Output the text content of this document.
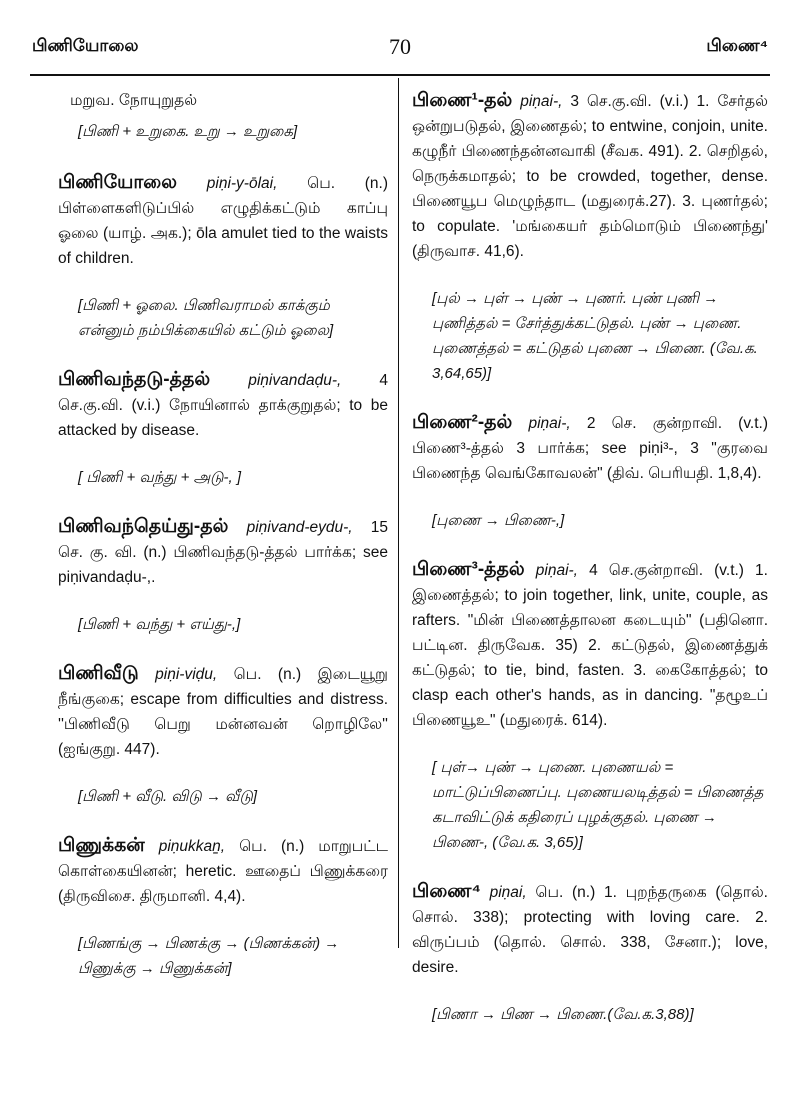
பிணியோலை	70	பிணை⁴
மறுவ. நோயுறுதல்
[பிணி + உறுகை. உறு → உறுகை]
பிணியோலை piṇi-y-ōlai, பெ. (n.) பிள்ளைகளிடுப்பில் எழுதிக்கட்டும் காப்பு ஓலை (யாழ். அக.); ōla amulet tied to the waists of children.
[பிணி + ஓலை. பிணிவராமல் காக்கும் என்னும் நம்பிக்கையில் கட்டும் ஓலை]
பிணிவந்தடு-த்தல் piṇivandaḍu-, 4 செ.கு.வி. (v.i.) நோயினால் தாக்குறுதல்; to be attacked by disease.
[ பிணி + வந்து + அடு-, ]
பிணிவந்தெய்து-தல் piṇivand-eydu-, 15 செ. கு. வி. (n.) பிணிவந்தடு-த்தல் பார்க்க; see piṇivandaḍu-,.
[பிணி + வந்து + எய்து-,]
பிணிவீடு piṇi-viḍu, பெ. (n.) இடையூறு நீங்குகை; escape from difficulties and distress. ''பிணிவீடு பெறு மன்னவன் றொழிலே'' (ஐங்குறு. 447).
[பிணி + வீடு. விடு → வீடு]
பிணுக்கன் piṇukkaṉ, பெ. (n.) மாறுபட்ட கொள்கையினன்; heretic. ஊதைப் பிணுக்கரை (திருவிசை. திருமானி. 4,4).
[பிணங்கு → பிணக்கு → (பிணக்கன்) → பிணுக்கு → பிணுக்கன்]
பிணை¹-தல் piṇai-, 3 செ.கு.வி. (v.i.) 1. சேர்தல் ஒன்றுபடுதல், இணைதல்; to entwine, conjoin, unite. கழுநீர் பிணைந்தன்னவாகி (சீவக. 491). 2. செறிதல், நெருக்கமாதல்; to be crowded, together, dense. பிணையூப மெழுந்தாட (மதுரைக்.27). 3. புணர்தல்; to copulate. 'மங்கையர் தம்மொடும் பிணைந்து' (திருவாச. 41,6).
[புல் → புள் → புண் → புணர். புண் புணி → புணித்தல் = சேர்த்துக்கட்டுதல். புண் → புணை. புணைத்தல் = கட்டுதல் புணை → பிணை. (வே.க. 3,64,65)]
பிணை²-தல் piṇai-, 2 செ. குன்றாவி. (v.t.) பிணை³-த்தல் 3 பார்க்க; see piṇi³-, 3 "குரவை பிணைந்த வெங்கோவலன்" (திவ். பெரியதி. 1,8,4).
[புணை → பிணை-,]
பிணை³-த்தல் piṇai-, 4 செ.குன்றாவி. (v.t.) 1. இணைத்தல்; to join together, link, unite, couple, as rafters. "மின் பிணைத்தாலன கடையும்" (பதினொ. பட்டின. திருவேக. 35) 2. கட்டுதல், இணைத்துக் கட்டுதல்; to tie, bind, fasten. 3. கைகோத்தல்; to clasp each other's hands, as in dancing. "தழூஉப் பிணையூஉ" (மதுரைக். 614).
[ புள்→ புண் → புணை. புணையல் = மாட்டுப்பிணைப்பு. புணையலடித்தல் = பிணைத்த கடாவிட்டுக் கதிரைப் புழக்குதல். புணை → பிணை-, (வே.க. 3,65)]
பிணை⁴ piṇai, பெ. (n.) 1. புறந்தருகை (தொல். சொல். 338); protecting with loving care. 2. விருப்பம் (தொல். சொல். 338, சேனா.); love, desire.
[பிணா → பிண → பிணை.(வே.க.3,88)]
